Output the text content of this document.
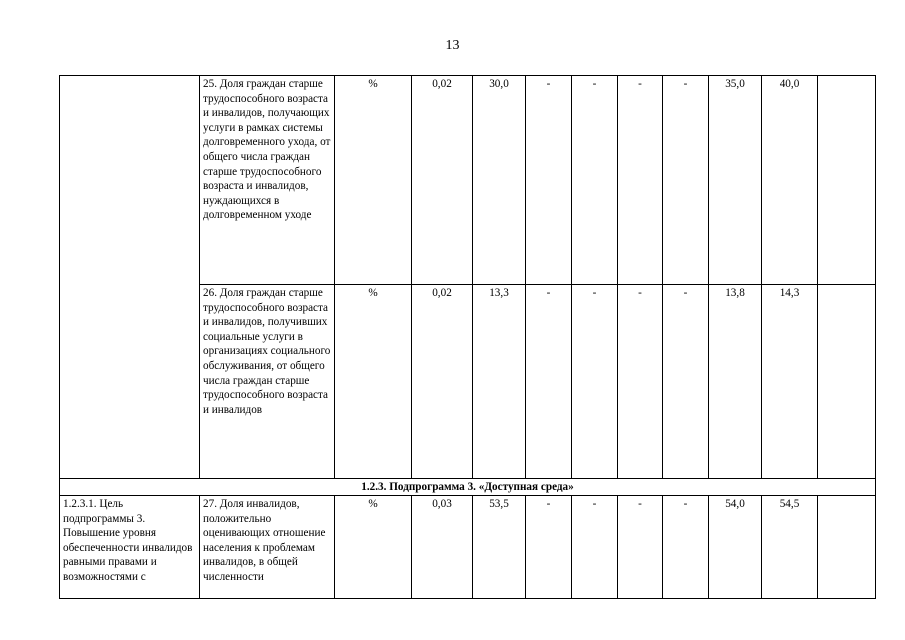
13
	25. Доля граждан старше трудоспособного возраста и инвалидов, получающих услуги в рамках системы долговременного ухода, от общего числа граждан старше трудоспособного возраста и инвалидов, нуждающихся в долговременном уходе	%	0,02	30,0	-	-	-	-	35,0	40,0	
	26. Доля граждан старше трудоспособного возраста и инвалидов, получивших социальные услуги в организациях социального обслуживания, от общего числа граждан старше трудоспособного возраста и инвалидов	%	0,02	13,3	-	-	-	-	13,8	14,3	
1.2.3. Подпрограмма 3. «Доступная среда»											
1.2.3.1. Цель подпрограммы 3. Повышение уровня обеспеченности инвалидов равными правами и возможностями с	27. Доля инвалидов, положительно оценивающих отношение населения к проблемам инвалидов, в общей численности	%	0,03	53,5	-	-	-	-	54,0	54,5	
